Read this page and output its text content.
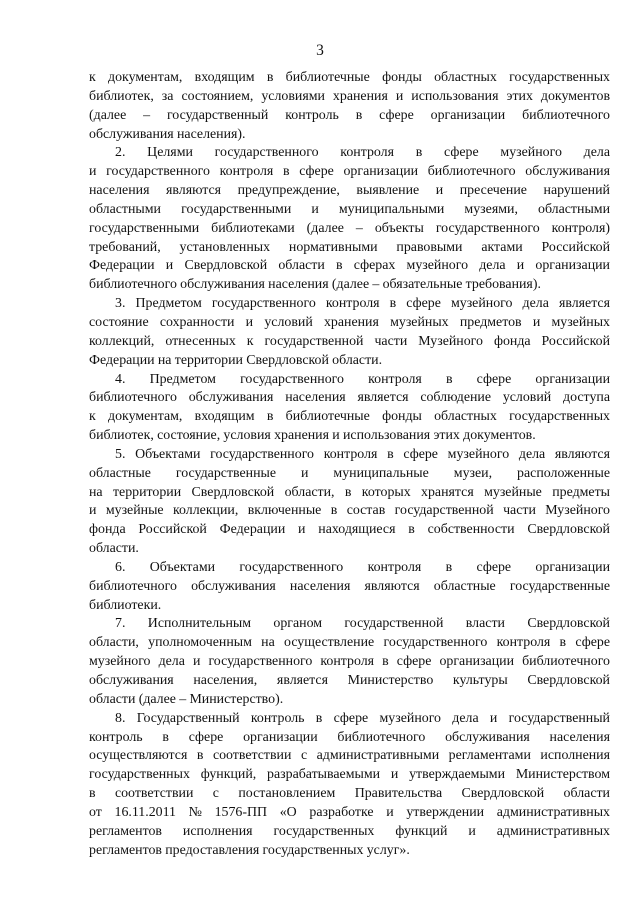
3
к документам, входящим в библиотечные фонды областных государственных
библиотек, за состоянием, условиями хранения и использования этих документов
(далее – государственный контроль в сфере организации библиотечного
обслуживания населения).
2. Целями государственного контроля в сфере музейного дела
и государственного контроля в сфере организации библиотечного обслуживания
населения являются предупреждение, выявление и пресечение нарушений
областными государственными и муниципальными музеями, областными
государственными библиотеками (далее – объекты государственного контроля)
требований, установленных нормативными правовыми актами Российской
Федерации и Свердловской области в сферах музейного дела и организации
библиотечного обслуживания населения (далее – обязательные требования).
3. Предметом государственного контроля в сфере музейного дела является
состояние сохранности и условий хранения музейных предметов и музейных
коллекций, отнесенных к государственной части Музейного фонда Российской
Федерации на территории Свердловской области.
4. Предметом государственного контроля в сфере организации
библиотечного обслуживания населения является соблюдение условий доступа
к документам, входящим в библиотечные фонды областных государственных
библиотек, состояние, условия хранения и использования этих документов.
5. Объектами государственного контроля в сфере музейного дела являются
областные государственные и муниципальные музеи, расположенные
на территории Свердловской области, в которых хранятся музейные предметы
и музейные коллекции, включенные в состав государственной части Музейного
фонда Российской Федерации и находящиеся в собственности Свердловской
области.
6. Объектами государственного контроля в сфере организации
библиотечного обслуживания населения являются областные государственные
библиотеки.
7. Исполнительным органом государственной власти Свердловской
области, уполномоченным на осуществление государственного контроля в сфере
музейного дела и государственного контроля в сфере организации библиотечного
обслуживания населения, является Министерство культуры Свердловской
области (далее – Министерство).
8. Государственный контроль в сфере музейного дела и государственный
контроль в сфере организации библиотечного обслуживания населения
осуществляются в соответствии с административными регламентами исполнения
государственных функций, разрабатываемыми и утверждаемыми Министерством
в соответствии с постановлением Правительства Свердловской области
от 16.11.2011 № 1576-ПП «О разработке и утверждении административных
регламентов исполнения государственных функций и административных
регламентов предоставления государственных услуг».
